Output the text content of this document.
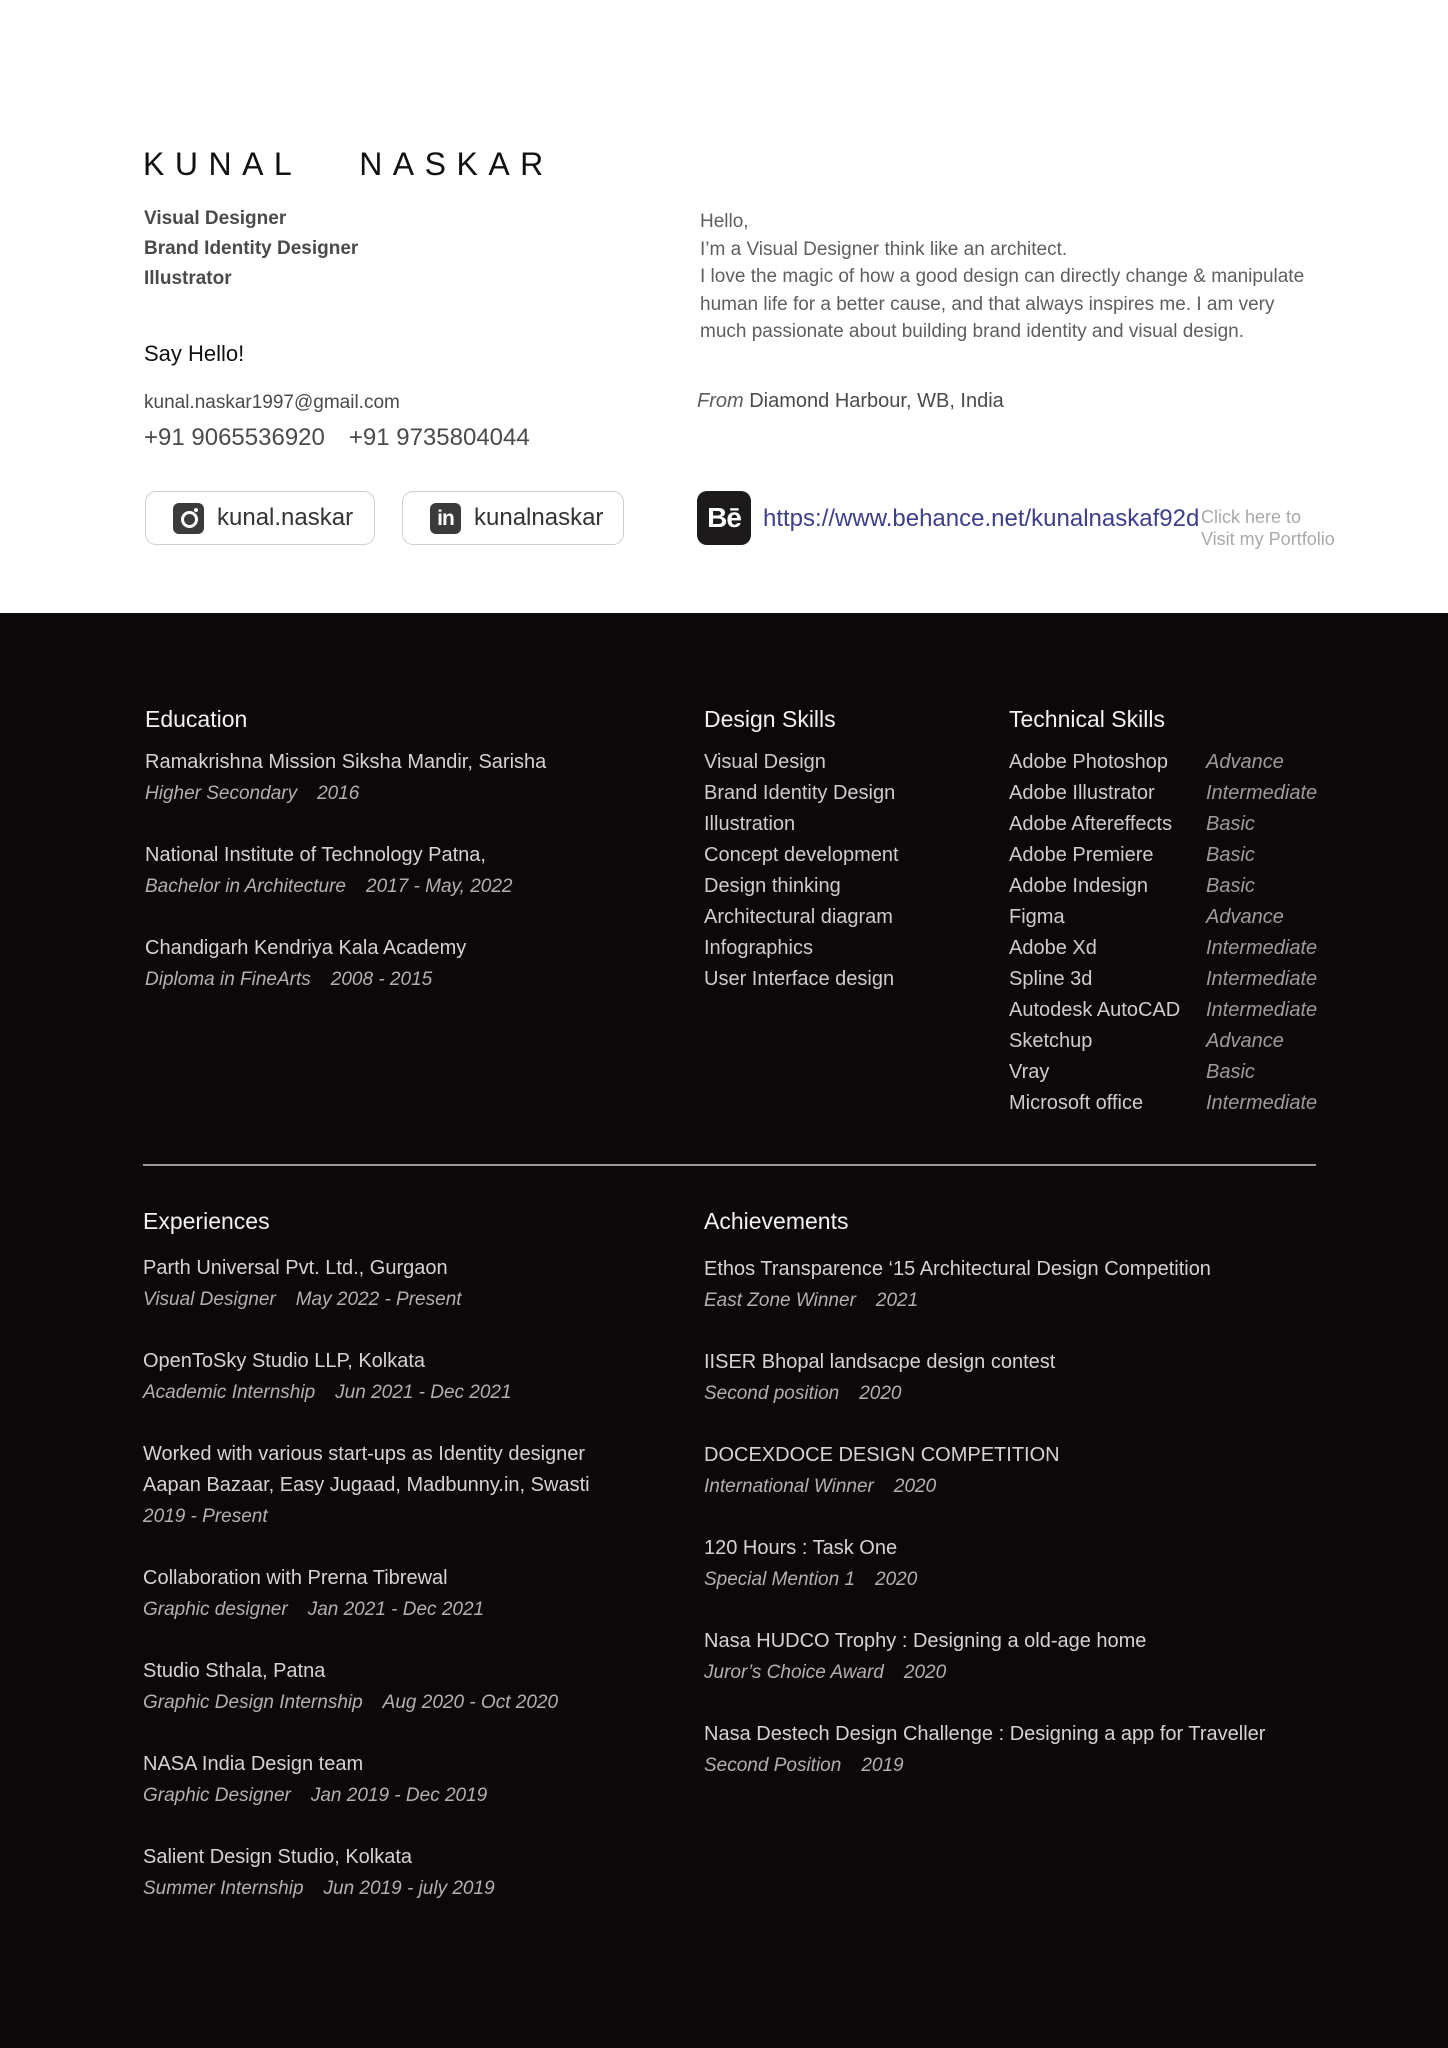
KUNAL   NASKAR
Visual Designer
Brand Identity Designer
Illustrator
Say Hello!
kunal.naskar1997@gmail.com
+91 9065536920 +91 9735804044
Hello,
I’m a Visual Designer think like an architect.
I love the magic of how a good design can directly change & manipulate human life for a better cause, and that always inspires me. I am very much passionate about building brand identity and visual design.
From Diamond Harbour, WB, India
kunal.naskar	in kunalnaskar	Bē https://www.behance.net/kunalnaskaf92d Click here to
Visit my Portfolio
Education
Ramakrishna Mission Siksha Mandir, Sarisha
Higher Secondary 2016
National Institute of Technology Patna,
Bachelor in Architecture 2017 - May, 2022
Chandigarh Kendriya Kala Academy
Diploma in FineArts 2008 - 2015
Design Skills
Visual Design
Brand Identity Design
Illustration
Concept development
Design thinking
Architectural diagram
Infographics
User Interface design
Technical Skills
Adobe Photoshop	Advance
Adobe Illustrator	Intermediate
Adobe Aftereffects	Basic
Adobe Premiere	Basic
Adobe Indesign	Basic
Figma	Advance
Adobe Xd	Intermediate
Spline 3d	Intermediate
Autodesk AutoCAD	Intermediate
Sketchup	Advance
Vray	Basic
Microsoft office	Intermediate
Experiences
Parth Universal Pvt. Ltd., Gurgaon
Visual Designer May 2022 - Present
OpenToSky Studio LLP, Kolkata
Academic Internship Jun 2021 - Dec 2021
Worked with various start-ups as Identity designer
Aapan Bazaar, Easy Jugaad, Madbunny.in, Swasti
2019 - Present
Collaboration with Prerna Tibrewal
Graphic designer Jan 2021 - Dec 2021
Studio Sthala, Patna
Graphic Design Internship Aug 2020 - Oct 2020
NASA India Design team
Graphic Designer Jan 2019 - Dec 2019
Salient Design Studio, Kolkata
Summer Internship Jun 2019 - july 2019
Achievements
Ethos Transparence ‘15 Architectural Design Competition
East Zone Winner 2021
IISER Bhopal landsacpe design contest
Second position 2020
DOCEXDOCE DESIGN COMPETITION
International Winner 2020
120 Hours : Task One
Special Mention 1 2020
Nasa HUDCO Trophy : Designing a old-age home
Juror’s Choice Award 2020
Nasa Destech Design Challenge : Designing a app for Traveller
Second Position 2019
